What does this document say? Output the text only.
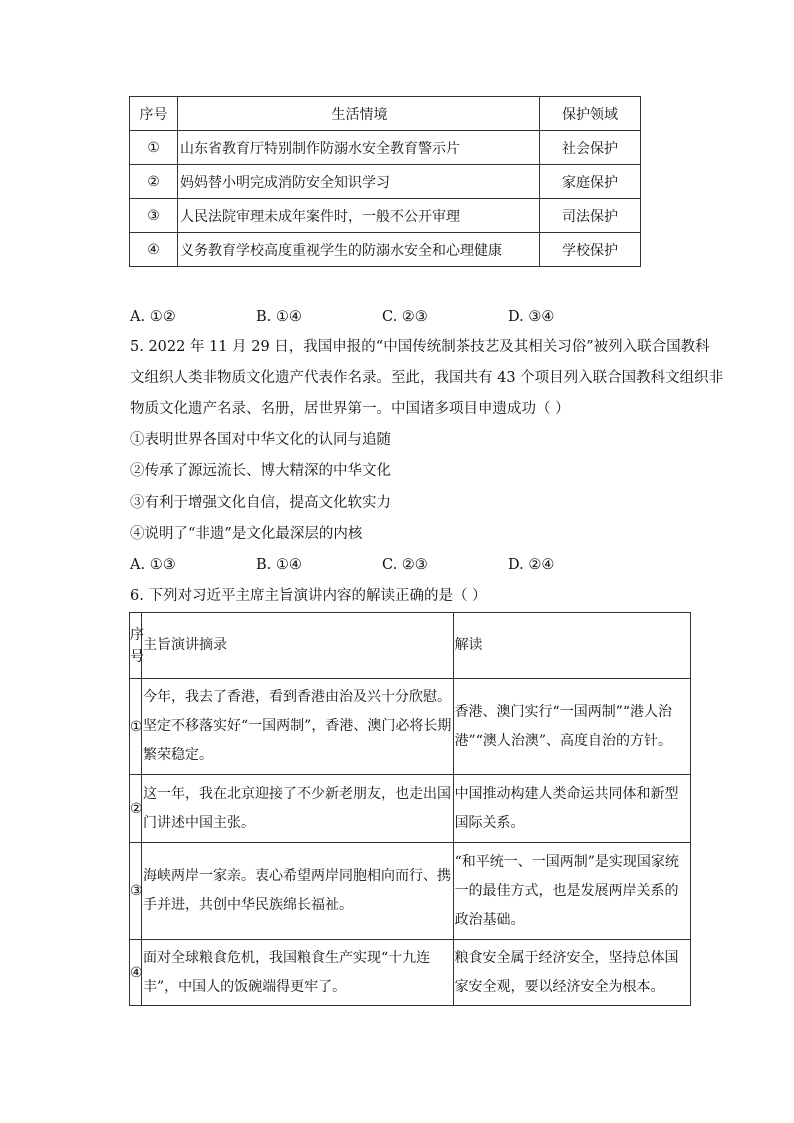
序号	生活情境	保护领域
①	山东省教育厅特别制作防溺水安全教育警示片	社会保护
②	妈妈替小明完成消防安全知识学习	家庭保护
③	人民法院审理未成年案件时，一般不公开审理	司法保护
④	义务教育学校高度重视学生的防溺水安全和心理健康	学校保护
A. ①②	B. ①④	C. ②③	D. ③④
5. 2022 年 11 月 29 日，我国申报的“中国传统制茶技艺及其相关习俗”被列入联合国教科
文组织人类非物质文化遗产代表作名录。至此，我国共有 43 个项目列入联合国教科文组织非
物质文化遗产名录、名册，居世界第一。中国诸多项目申遗成功（ ）
①表明世界各国对中华文化的认同与追随
②传承了源远流长、博大精深的中华文化
③有利于增强文化自信，提高文化软实力
④说明了“非遗”是文化最深层的内核
A. ①③	B. ①④	C. ②③	D. ②④
6. 下列对习近平主席主旨演讲内容的解读正确的是（ ）
序号	主旨演讲摘录	解读
①	今年，我去了香港，看到香港由治及兴十分欣慰。坚定不移落实好“一国两制”，香港、澳门必将长期繁荣稳定。	香港、澳门实行“一国两制”“港人治港”“澳人治澳”、高度自治的方针。
②	这一年，我在北京迎接了不少新老朋友，也走出国门讲述中国主张。	中国推动构建人类命运共同体和新型国际关系。
③	海峡两岸一家亲。衷心希望两岸同胞相向而行、携手并进，共创中华民族绵长福祉。	“和平统一、一国两制”是实现国家统一的最佳方式，也是发展两岸关系的政治基础。
④	面对全球粮食危机，我国粮食生产实现“十九连丰”，中国人的饭碗端得更牢了。	粮食安全属于经济安全，坚持总体国家安全观，要以经济安全为根本。
